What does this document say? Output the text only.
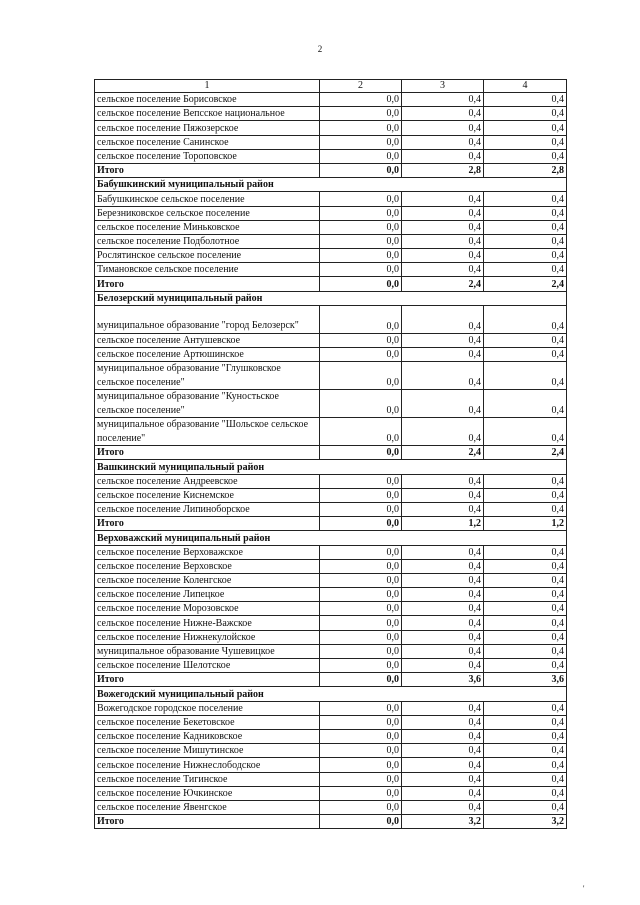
2
1	2	3	4
сельское поселение Борисовское	0,0	0,4	0,4
сельское поселение Вепсское национальное	0,0	0,4	0,4
сельское поселение Пяжозерское	0,0	0,4	0,4
сельское поселение Санинское	0,0	0,4	0,4
сельское поселение Тороповское	0,0	0,4	0,4
Итого	0,0	2,8	2,8
Бабушкинский муниципальный район			
Бабушкинское сельское поселение	0,0	0,4	0,4
Березниковское сельское поселение	0,0	0,4	0,4
сельское поселение Миньковское	0,0	0,4	0,4
сельское поселение Подболотное	0,0	0,4	0,4
Рослятинское сельское поселение	0,0	0,4	0,4
Тимановское сельское поселение	0,0	0,4	0,4
Итого	0,0	2,4	2,4
Белозерский муниципальный район			
муниципальное образование "город Белозерск"	0,0	0,4	0,4
сельское поселение Антушевское	0,0	0,4	0,4
сельское поселение Артюшинское	0,0	0,4	0,4
муниципальное образование "Глушковское сельское поселение"	0,0	0,4	0,4
муниципальное образование "Куностьское сельское поселение"	0,0	0,4	0,4
муниципальное образование "Шольское сельское поселение"	0,0	0,4	0,4
Итого	0,0	2,4	2,4
Вашкинский муниципальный район			
сельское поселение Андреевское	0,0	0,4	0,4
сельское поселение Киснемское	0,0	0,4	0,4
сельское поселение Липиноборское	0,0	0,4	0,4
Итого	0,0	1,2	1,2
Верховажский муниципальный район			
сельское поселение Верховажское	0,0	0,4	0,4
сельское поселение Верховское	0,0	0,4	0,4
сельское поселение Коленгское	0,0	0,4	0,4
сельское поселение Липецкое	0,0	0,4	0,4
сельское поселение Морозовское	0,0	0,4	0,4
сельское поселение Нижне-Важское	0,0	0,4	0,4
сельское поселение Нижнекулойское	0,0	0,4	0,4
муниципальное образование Чушевицкое	0,0	0,4	0,4
сельское поселение Шелотское	0,0	0,4	0,4
Итого	0,0	3,6	3,6
Вожегодский муниципальный район			
Вожегодское городское поселение	0,0	0,4	0,4
сельское поселение Бекетовское	0,0	0,4	0,4
сельское поселение Кадниковское	0,0	0,4	0,4
сельское поселение Мишутинское	0,0	0,4	0,4
сельское поселение Нижнеслободское	0,0	0,4	0,4
сельское поселение Тигинское	0,0	0,4	0,4
сельское поселение Ючкинское	0,0	0,4	0,4
сельское поселение Явенгское	0,0	0,4	0,4
Итого	0,0	3,2	3,2
'
